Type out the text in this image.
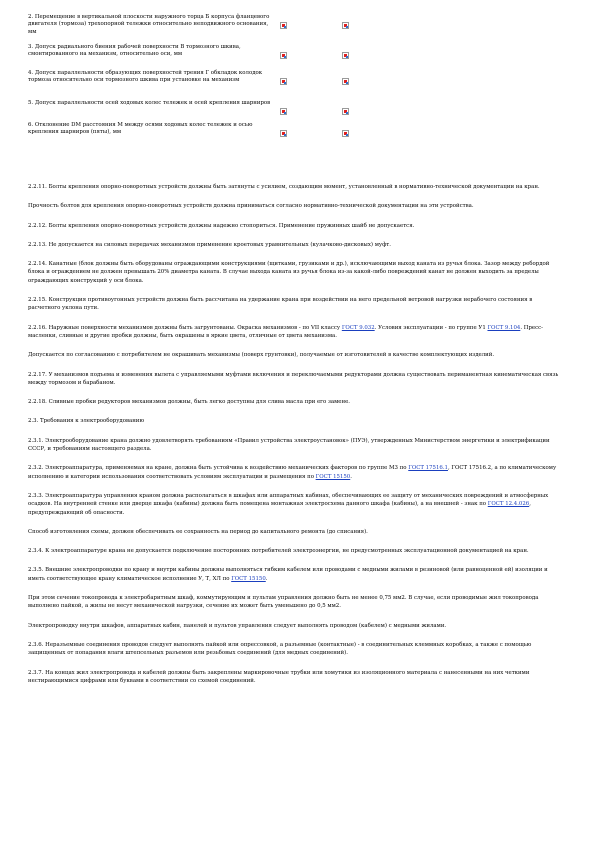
2. Перемещение в вертикальной плоскости наружного торца Б корпуса фланцевого двигателя (тормоза) трехопорной тележки относительно неподвижного основания, мм		
3. Допуск радиального биения рабочей поверхности В тормозного шкива, смонтированного на механизм, относительно оси, мм		
4. Допуск параллельности образующих поверхностей трения Г обкладок колодок тормоза относительно оси тормозного шкива при установке на механизм		
5. Допуск параллельности осей ходовых колес тележек и осей крепления шарниров		
6. Отклонение DМ расстояния М между осями ходовых колес тележек и осью крепления шарниров (пяты), мм		

2.2.11. Болты крепления опорно-поворотных устройств должны быть затянуты с усилием, создающим момент, установленный в нормативно-технической документации на кран.

Прочность болтов для крепления опорно-поворотных устройств должна приниматься согласно нормативно-технической документации на эти устройства.

2.2.12. Болты крепления опорно-поворотных устройств должны надежно стопориться. Применение пружинных шайб не допускается.

2.2.13. Не допускается на силовых передачах механизмов применение кроетовых уравнительных (кулачково-дисковых) муфт.

2.2.14. Канатные (блок должны быть оборудованы ограждающими конструкциями (щитками, грузиками и др.), исключающими выход каната из ручья блока. Зазор между ребордой блока и ограждением не должен превышать 20% диаметра каната. В случае выхода каната из ручья блока из-за какой-либо повреждений канат не должен выходить за пределы ограждающих конструкций у оси блока.

2.2.15. Конструкция противоугонных устройств должна быть рассчитана на удержание крана при воздействии на него предельной ветровой нагрузки нерабочего состояния в расчетного уклона пути.

2.2.16. Наружные поверхности механизмов должны быть загрунтованы. Окраска механизмов - по VII классу ГОСТ 9.032. Условия эксплуатации - по группе У1 ГОСТ 9.104. Пресс-масленки, сливные и другие пробки должны, быть окрашены в яркие цвета, отличные от цвета механизма.

Допускается по согласованию с потребителем не окрашивать механизмы (поверх грунтовки), получаемые от изготовителей в качестве комплектующих изделий.

2.2.17. У механизмов подъема и изменения вылета с управляемыми муфтами включения и переключаемыми редукторами должна существовать периманентная кинематическая связь между тормозом и барабаном.

2.2.18. Сливные пробки редукторов механизмов должны, быть легко доступны для слива масла при его замене.

2.3. Требования к электрооборудованию

2.3.1. Электрооборудование крана должно удовлетворять требованиям «Правил устройства электроустановок» (ПУЭ), утвержденных Министерством энергетики и электрификации СССР, и требованиям настоящего раздела.

2.3.2. Электроаппаратура, применяемая на кране, должна быть устойчива к воздействию механических факторов по группе М3 по ГОСТ 17516.1, ГОСТ 17516.2, а по климатическому исполнению и категории использования соответствовать условиям эксплуатации и размещения по ГОСТ 15150.

2.3.3. Электроаппаратура управления краном должна располагаться в шкафах или аппаратных кабинах, обеспечивающих ее защиту от механических повреждений и атмосферных осадков. На внутренней стенке или дверце шкафа (кабины) должна быть помещена монтажная электросхема данного шкафа (кабины), а на внешней - знак по ГОСТ 12.4.026, предупреждающий об опасности.

Способ изготовления схемы, должен обеспечивать ее сохранность на период до капитального ремонта (до списания).

2.3.4. К электроаппаратуре крана не допускается подключение посторонних потребителей электроэнергии, не предусмотренных эксплуатационной документацией на кран.

2.3.5. Внешние электропроводки по крану и внутри кабины должны выполняться гибким кабелем или проводами с медными жилами в резиновой (или равноценной ей) изоляции и иметь соответствующее крану климатическое исполнение У, Т, ХЛ по ГОСТ 15150.

При этом сечение токопровода к электробаритным шкаф, коммутирующим и пультам управления должно быть не менее 0,75 мм2. В случае, если проводимые жил токопровода выполнено пайкой, а жилы не несут механической нагрузки, сечение их может быть уменьшено до 0,5 мм2.

Электропроводку внутри шкафов, аппаратных кабин, панелей и пультов управления следует выполнять проводом (кабелем) с медными жилами.

2.3.6. Неразъемные соединения проводов следует выполнять пайкой или опрессовкой, а разъемные (контактные) - в соединительных клеммных коробках, а также с помощью защищенных от попадания влаги штепсельных разъемов или резьбовых соединений (для медных соединений).

2.3.7. На концах жил электропровода и кабелей должны быть закреплены маркировочные трубки или хомутики из изоляционного материала с нанесенными на них четкими нестирающимися цифрами или буквами в соответствии со схемой соединений.
